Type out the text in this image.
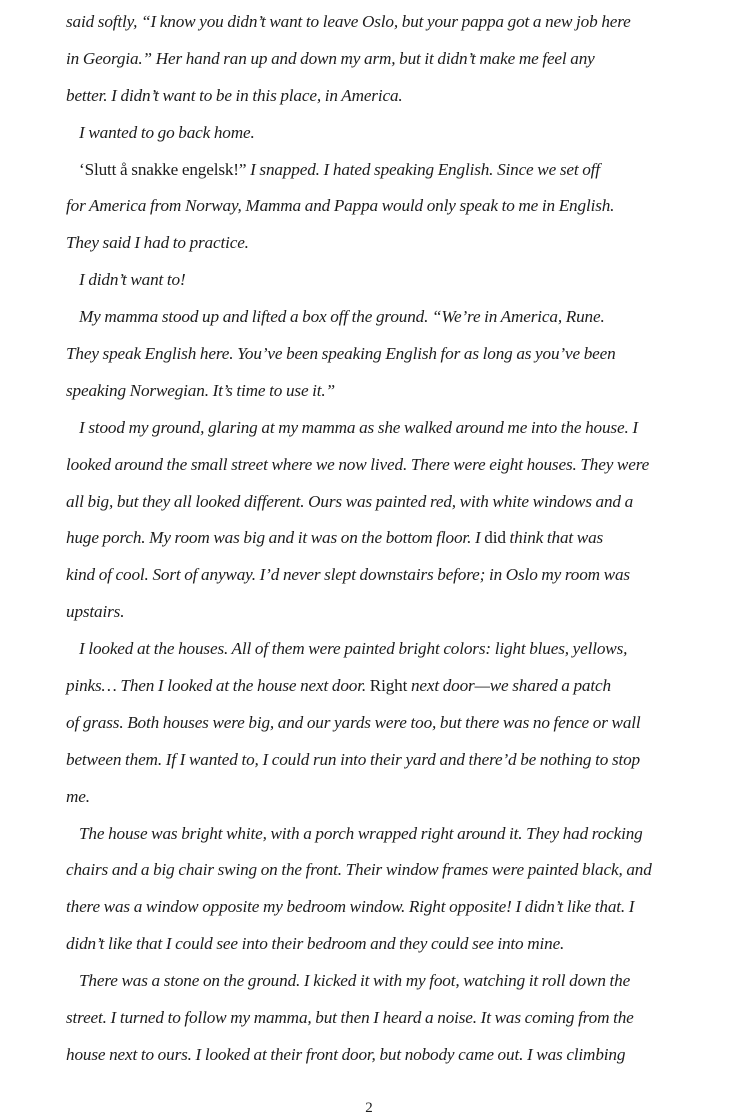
said softly, “I know you didn’t want to leave Oslo, but your pappa got a new job here
in Georgia.” Her hand ran up and down my arm, but it didn’t make me feel any
better. I didn’t want to be in this place, in America.
I wanted to go back home.
‘Slutt å snakke engelsk!” I snapped. I hated speaking English. Since we set off
for America from Norway, Mamma and Pappa would only speak to me in English.
They said I had to practice.
I didn’t want to!
My mamma stood up and lifted a box off the ground. “We’re in America, Rune.
They speak English here. You’ve been speaking English for as long as you’ve been
speaking Norwegian. It’s time to use it.”
I stood my ground, glaring at my mamma as she walked around me into the house. I
looked around the small street where we now lived. There were eight houses. They were
all big, but they all looked different. Ours was painted red, with white windows and a
huge porch. My room was big and it was on the bottom floor. I did think that was
kind of cool. Sort of anyway. I’d never slept downstairs before; in Oslo my room was
upstairs.
I looked at the houses. All of them were painted bright colors: light blues, yellows,
pinks… Then I looked at the house next door. Right next door—we shared a patch
of grass. Both houses were big, and our yards were too, but there was no fence or wall
between them. If I wanted to, I could run into their yard and there’d be nothing to stop
me.
The house was bright white, with a porch wrapped right around it. They had rocking
chairs and a big chair swing on the front. Their window frames were painted black, and
there was a window opposite my bedroom window. Right opposite! I didn’t like that. I
didn’t like that I could see into their bedroom and they could see into mine.
There was a stone on the ground. I kicked it with my foot, watching it roll down the
street. I turned to follow my mamma, but then I heard a noise. It was coming from the
house next to ours. I looked at their front door, but nobody came out. I was climbing
2
